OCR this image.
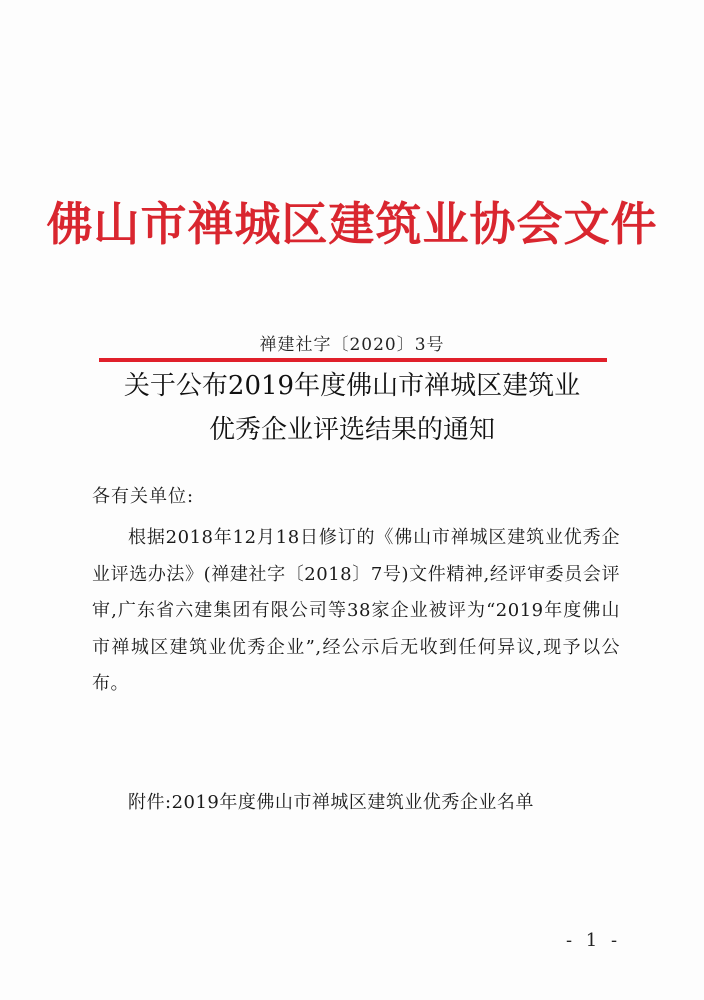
佛山市禅城区建筑业协会文件
禅建社字〔2020〕3号
关于公布2019年度佛山市禅城区建筑业
优秀企业评选结果的通知
各有关单位:
根据2018年12月18日修订的《佛山市禅城区建筑业优秀企业评选办法》(禅建社字〔2018〕7号)文件精神,经评审委员会评审,广东省六建集团有限公司等38家企业被评为“2019年度佛山市禅城区建筑业优秀企业”,经公示后无收到任何异议,现予以公布。
附件:2019年度佛山市禅城区建筑业优秀企业名单
- 1 -
